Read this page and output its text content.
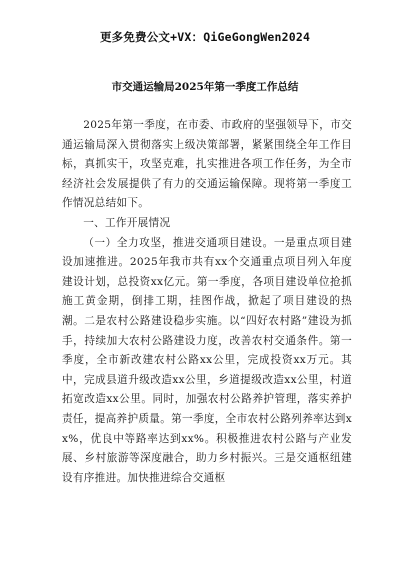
更多免费公文+VX：QiGeGongWen2024
市交通运输局2025年第一季度工作总结

2025年第一季度，在市委、市政府的坚强领导下，市交通运输局深入贯彻落实上级决策部署，紧紧围绕全年工作目标，真抓实干，攻坚克难，扎实推进各项工作任务，为全市经济社会发展提供了有力的交通运输保障。现将第一季度工作情况总结如下。

一、工作开展情况

（一）全力攻坚，推进交通项目建设。一是重点项目建设加速推进。2025年我市共有xx个交通重点项目列入年度建设计划，总投资xx亿元。第一季度，各项目建设单位抢抓施工黄金期，倒排工期，挂图作战，掀起了项目建设的热潮。二是农村公路建设稳步实施。以“四好农村路”建设为抓手，持续加大农村公路建设力度，改善农村交通条件。第一季度，全市新改建农村公路xx公里，完成投资xx万元。其中，完成县道升级改造xx公里，乡道提级改造xx公里，村道拓宽改造xx公里。同时，加强农村公路养护管理，落实养护责任，提高养护质量。第一季度，全市农村公路列养率达到xx%，优良中等路率达到xx%。积极推进农村公路与产业发展、乡村旅游等深度融合，助力乡村振兴。三是交通枢纽建设有序推进。加快推进综合交通枢
